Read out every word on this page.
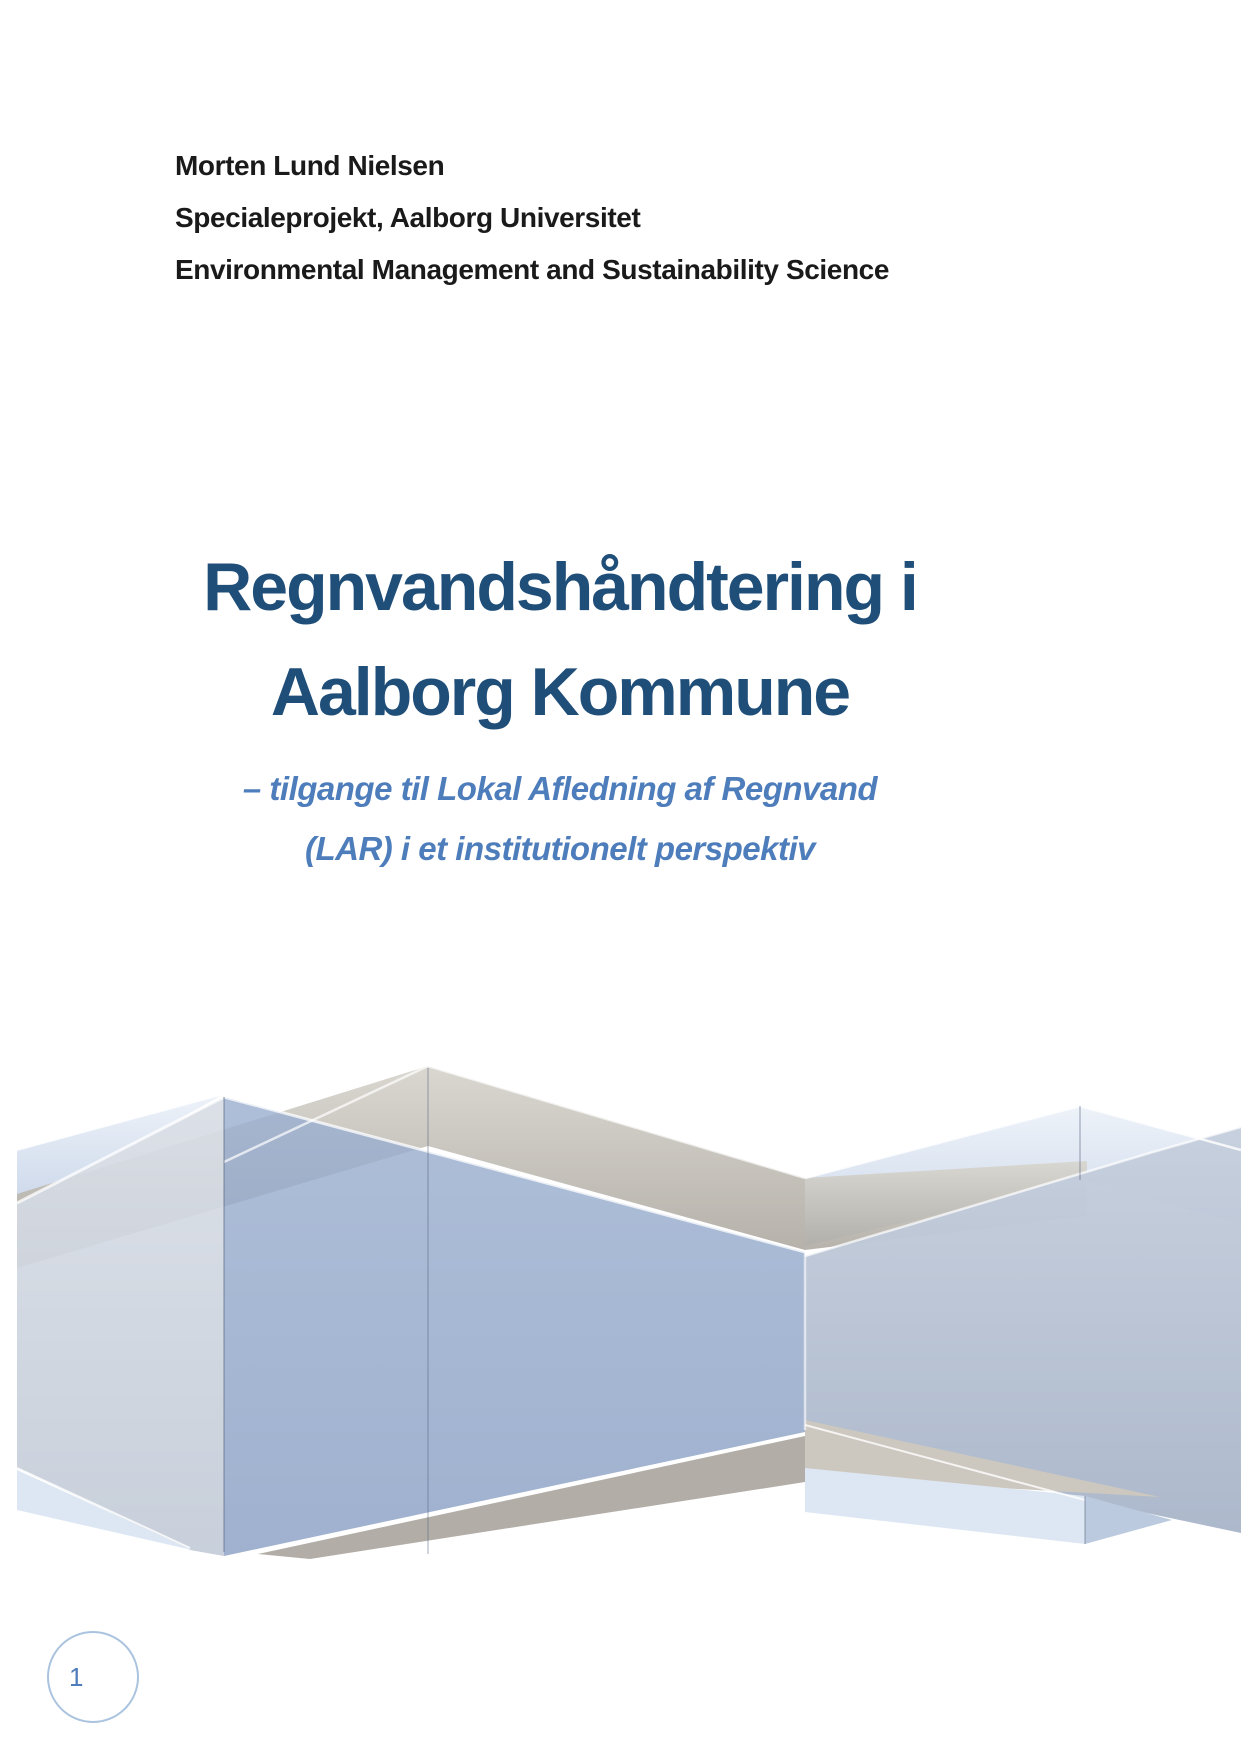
Morten Lund Nielsen
Specialeprojekt, Aalborg Universitet
Environmental Management and Sustainability Science
Regnvandshåndtering i
Aalborg Kommune
– tilgange til Lokal Afledning af Regnvand
(LAR) i et institutionelt perspektiv
1
